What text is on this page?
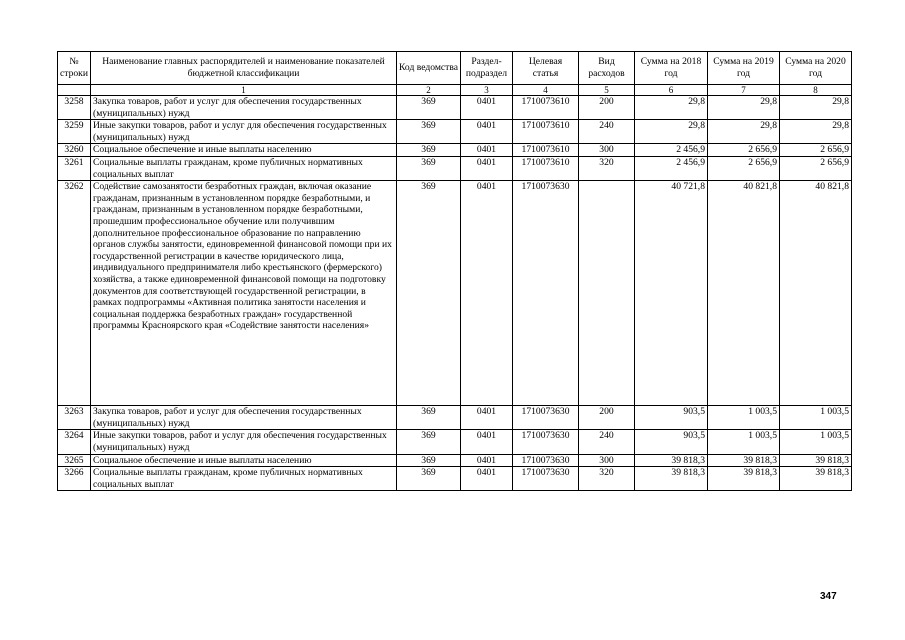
№ строки	Наименование главных распорядителей и наименование показателей бюджетной классификации	Код ведомства	Раздел-подраздел	Целевая статья	Вид расходов	Сумма на 2018 год	Сумма на 2019 год	Сумма на 2020 год
	1	2	3	4	5	6	7	8
3258	Закупка товаров, работ и услуг для обеспечения государственных (муниципальных) нужд	369	0401	1710073610	200	29,8	29,8	29,8
3259	Иные закупки товаров, работ и услуг для обеспечения государственных (муниципальных) нужд	369	0401	1710073610	240	29,8	29,8	29,8
3260	Социальное обеспечение и иные выплаты населению	369	0401	1710073610	300	2 456,9	2 656,9	2 656,9
3261	Социальные выплаты гражданам, кроме публичных нормативных социальных выплат	369	0401	1710073610	320	2 456,9	2 656,9	2 656,9
3262	Содействие самозанятости безработных граждан, включая оказание гражданам, признанным в установленном порядке безработными, и гражданам, признанным в установленном порядке безработными, прошедшим профессиональное обучение или получившим дополнительное профессиональное образование по направлению органов службы занятости, единовременной финансовой помощи при их государственной регистрации в качестве юридического лица, индивидуального предпринимателя либо крестьянского (фермерского) хозяйства, а также единовременной финансовой помощи на подготовку документов для соответствующей государственной регистрации, в рамках подпрограммы «Активная политика занятости населения и социальная поддержка безработных граждан» государственной программы Красноярского края «Содействие занятости населения»	369	0401	1710073630		40 721,8	40 821,8	40 821,8
3263	Закупка товаров, работ и услуг для обеспечения государственных (муниципальных) нужд	369	0401	1710073630	200	903,5	1 003,5	1 003,5
3264	Иные закупки товаров, работ и услуг для обеспечения государственных (муниципальных) нужд	369	0401	1710073630	240	903,5	1 003,5	1 003,5
3265	Социальное обеспечение и иные выплаты населению	369	0401	1710073630	300	39 818,3	39 818,3	39 818,3
3266	Социальные выплаты гражданам, кроме публичных нормативных социальных выплат	369	0401	1710073630	320	39 818,3	39 818,3	39 818,3
347
